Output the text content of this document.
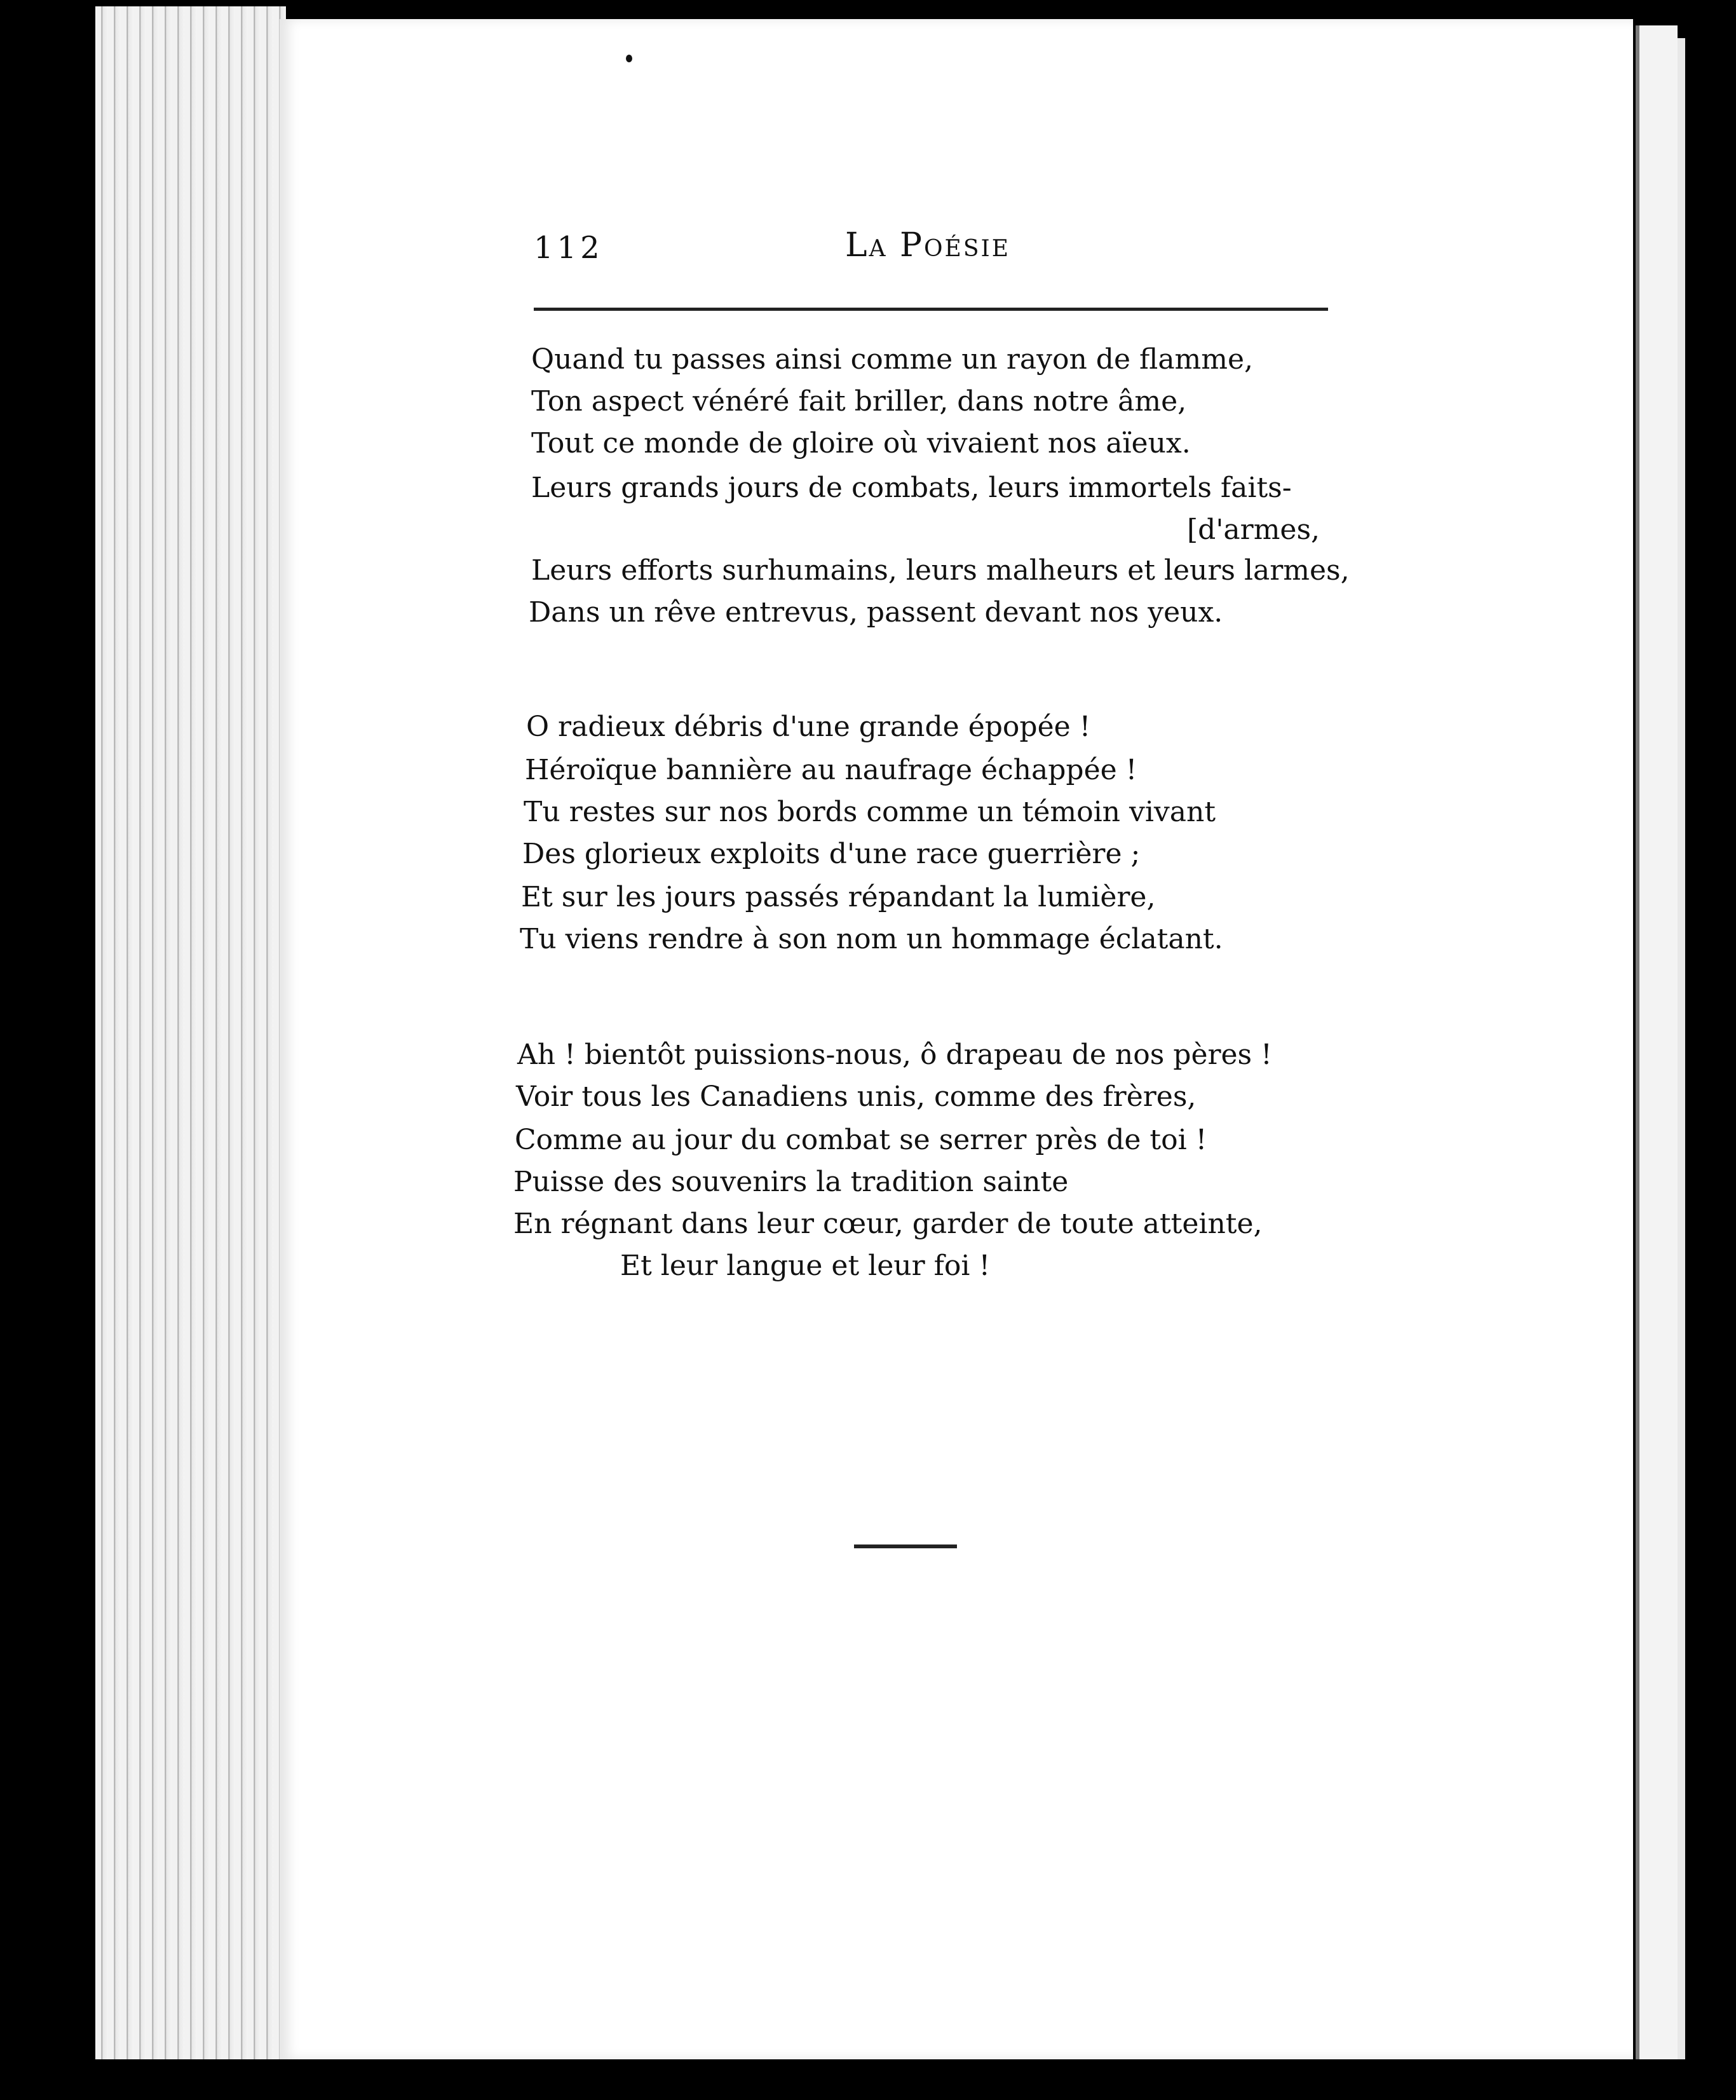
112	La Poésie
Quand tu passes ainsi comme un rayon de flamme,
Ton aspect vénéré fait briller, dans notre âme,
Tout ce monde de gloire où vivaient nos aïeux.
Leurs grands jours de combats, leurs immortels faits-
[d'armes,
Leurs efforts surhumains, leurs malheurs et leurs larmes,
Dans un rêve entrevus, passent devant nos yeux.
O radieux débris d'une grande épopée !
Héroïque bannière au naufrage échappée !
Tu restes sur nos bords comme un témoin vivant
Des glorieux exploits d'une race guerrière ;
Et sur les jours passés répandant la lumière,
Tu viens rendre à son nom un hommage éclatant.
Ah ! bientôt puissions-nous, ô drapeau de nos pères !
Voir tous les Canadiens unis, comme des frères,
Comme au jour du combat se serrer près de toi !
Puisse des souvenirs la tradition sainte
En régnant dans leur cœur, garder de toute atteinte,
Et leur langue et leur foi !
